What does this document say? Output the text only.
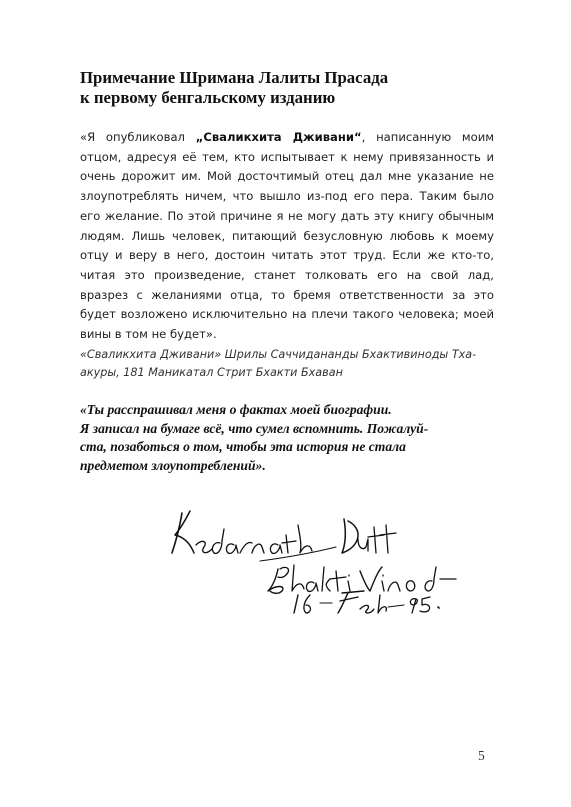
Примечание Шримана Лалиты Прасада
к первому бенгальскому изданию
«Я опубликовал „Сваликхита Дживани“, написанную моим отцом, адресуя её тем, кто испытывает к нему привязанность и очень дорожит им. Мой досточтимый отец дал мне указание не злоупотреблять ничем, что вышло из-под его пера. Таким было его желание. По этой причине я не могу дать эту книгу обычным людям. Лишь человек, питающий безусловную любовь к моему отцу и веру в него, достоин читать этот труд. Если же кто-то, читая это произведение, станет толковать его на свой лад, вразрез с желаниями отца, то бремя ответственности за это будет возложено исключительно на плечи такого человека; моей вины в том не будет».
«Сваликхита Дживани» Шрилы Саччидананды Бхактивиноды Тха-
акуры, 181 Маникатал Стрит Бхакти Бхаван
«Ты расспрашивал меня о фактах моей биографии.
Я записал на бумаге всё, что сумел вспомнить. Пожалуй-
ста, позаботься о том, чтобы эта история не стала
предметом злоупотреблений».
5
